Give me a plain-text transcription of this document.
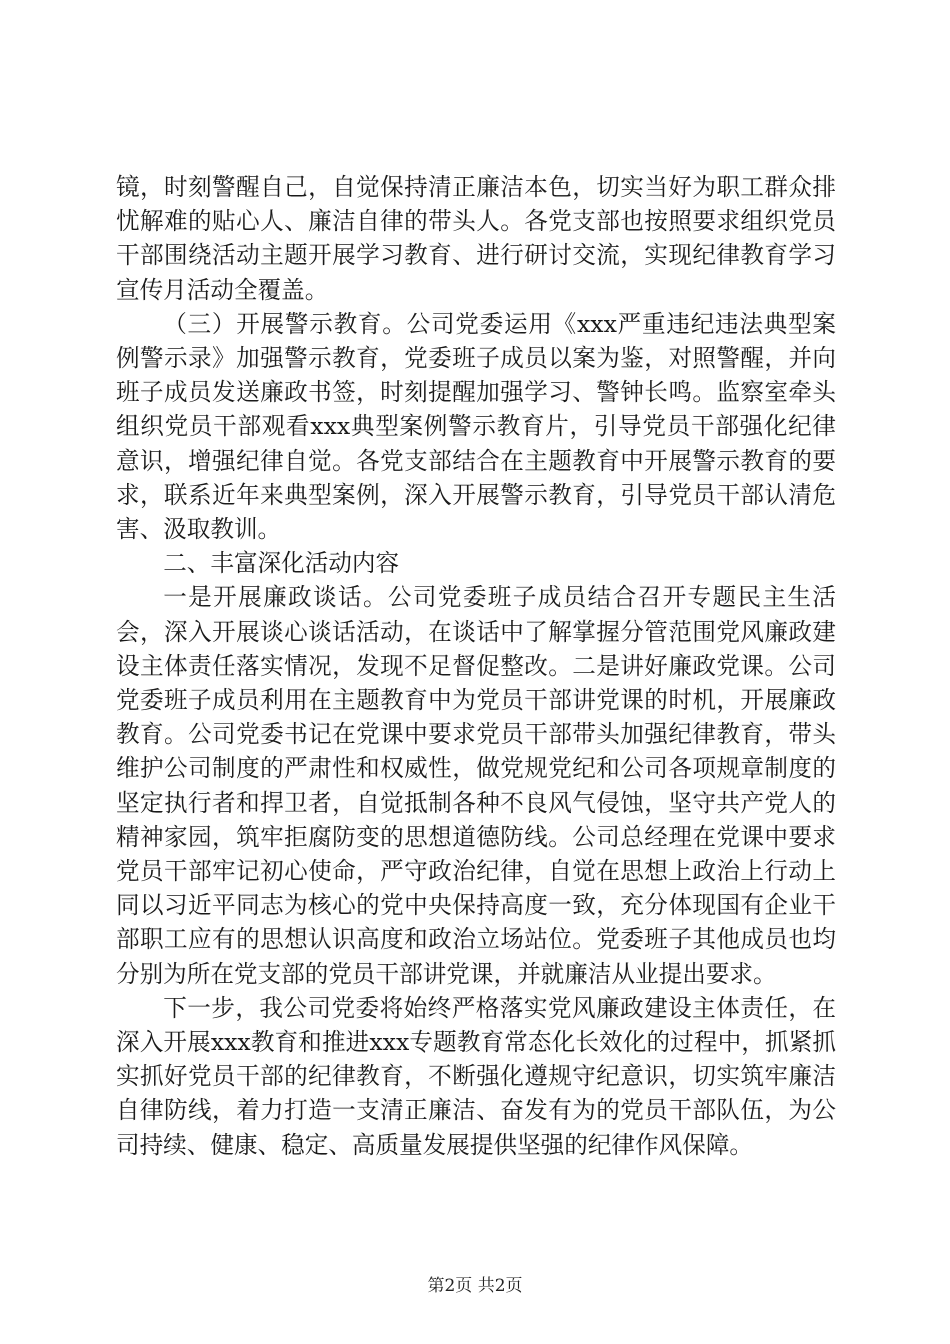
镜，时刻警醒自己，自觉保持清正廉洁本色，切实当好为职工群众排忧解难的贴心人、廉洁自律的带头人。各党支部也按照要求组织党员干部围绕活动主题开展学习教育、进行研讨交流，实现纪律教育学习宣传月活动全覆盖。

（三）开展警示教育。公司党委运用《xxx严重违纪违法典型案例警示录》加强警示教育，党委班子成员以案为鉴，对照警醒，并向班子成员发送廉政书签，时刻提醒加强学习、警钟长鸣。监察室牵头组织党员干部观看xxx典型案例警示教育片，引导党员干部强化纪律意识，增强纪律自觉。各党支部结合在主题教育中开展警示教育的要求，联系近年来典型案例，深入开展警示教育，引导党员干部认清危害、汲取教训。

二、丰富深化活动内容

一是开展廉政谈话。公司党委班子成员结合召开专题民主生活会，深入开展谈心谈话活动，在谈话中了解掌握分管范围党风廉政建设主体责任落实情况，发现不足督促整改。二是讲好廉政党课。公司党委班子成员利用在主题教育中为党员干部讲党课的时机，开展廉政教育。公司党委书记在党课中要求党员干部带头加强纪律教育，带头维护公司制度的严肃性和权威性，做党规党纪和公司各项规章制度的坚定执行者和捍卫者，自觉抵制各种不良风气侵蚀，坚守共产党人的精神家园，筑牢拒腐防变的思想道德防线。公司总经理在党课中要求党员干部牢记初心使命，严守政治纪律，自觉在思想上政治上行动上同以习近平同志为核心的党中央保持高度一致，充分体现国有企业干部职工应有的思想认识高度和政治立场站位。党委班子其他成员也均分别为所在党支部的党员干部讲党课，并就廉洁从业提出要求。

下一步，我公司党委将始终严格落实党风廉政建设主体责任，在深入开展xxx教育和推进xxx专题教育常态化长效化的过程中，抓紧抓实抓好党员干部的纪律教育，不断强化遵规守纪意识，切实筑牢廉洁自律防线，着力打造一支清正廉洁、奋发有为的党员干部队伍，为公司持续、健康、稳定、高质量发展提供坚强的纪律作风保障。

第2页 共2页
